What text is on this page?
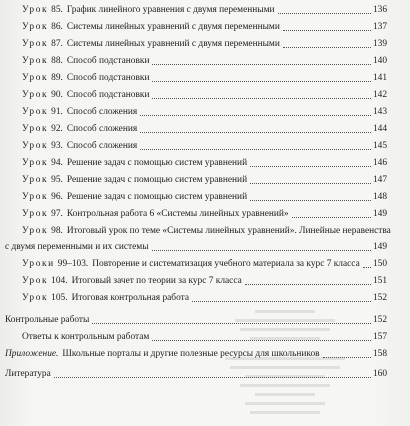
Урок 85. График линейного уравнения с двумя переменными	136
Урок 86. Системы линейных уравнений с двумя переменными	137
Урок 87. Системы линейных уравнений с двумя переменными	139
Урок 88. Способ подстановки	140
Урок 89. Способ подстановки	141
Урок 90. Способ подстановки	142
Урок 91. Способ сложения	143
Урок 92. Способ сложения	144
Урок 93. Способ сложения	145
Урок 94. Решение задач с помощью систем уравнений	146
Урок 95. Решение задач с помощью систем уравнений	147
Урок 96. Решение задач с помощью систем уравнений	148
Урок 97. Контрольная работа 6 «Системы линейных уравнений»	149
Урок 98. Итоговый урок по теме «Системы линейных уравнений». Линейные неравенства
с двумя переменными и их системы	149
Уроки 99–103. Повторение и систематизация учебного материала за курс 7 класса 150
Урок 104. Итоговый зачет по теории за курс 7 класса	151
Урок 105. Итоговая контрольная работа	152
Контрольные работы	152
Ответы к контрольным работам	157
Приложение. Школьные порталы и другие полезные ресурсы для школьников	158
Литература	160
